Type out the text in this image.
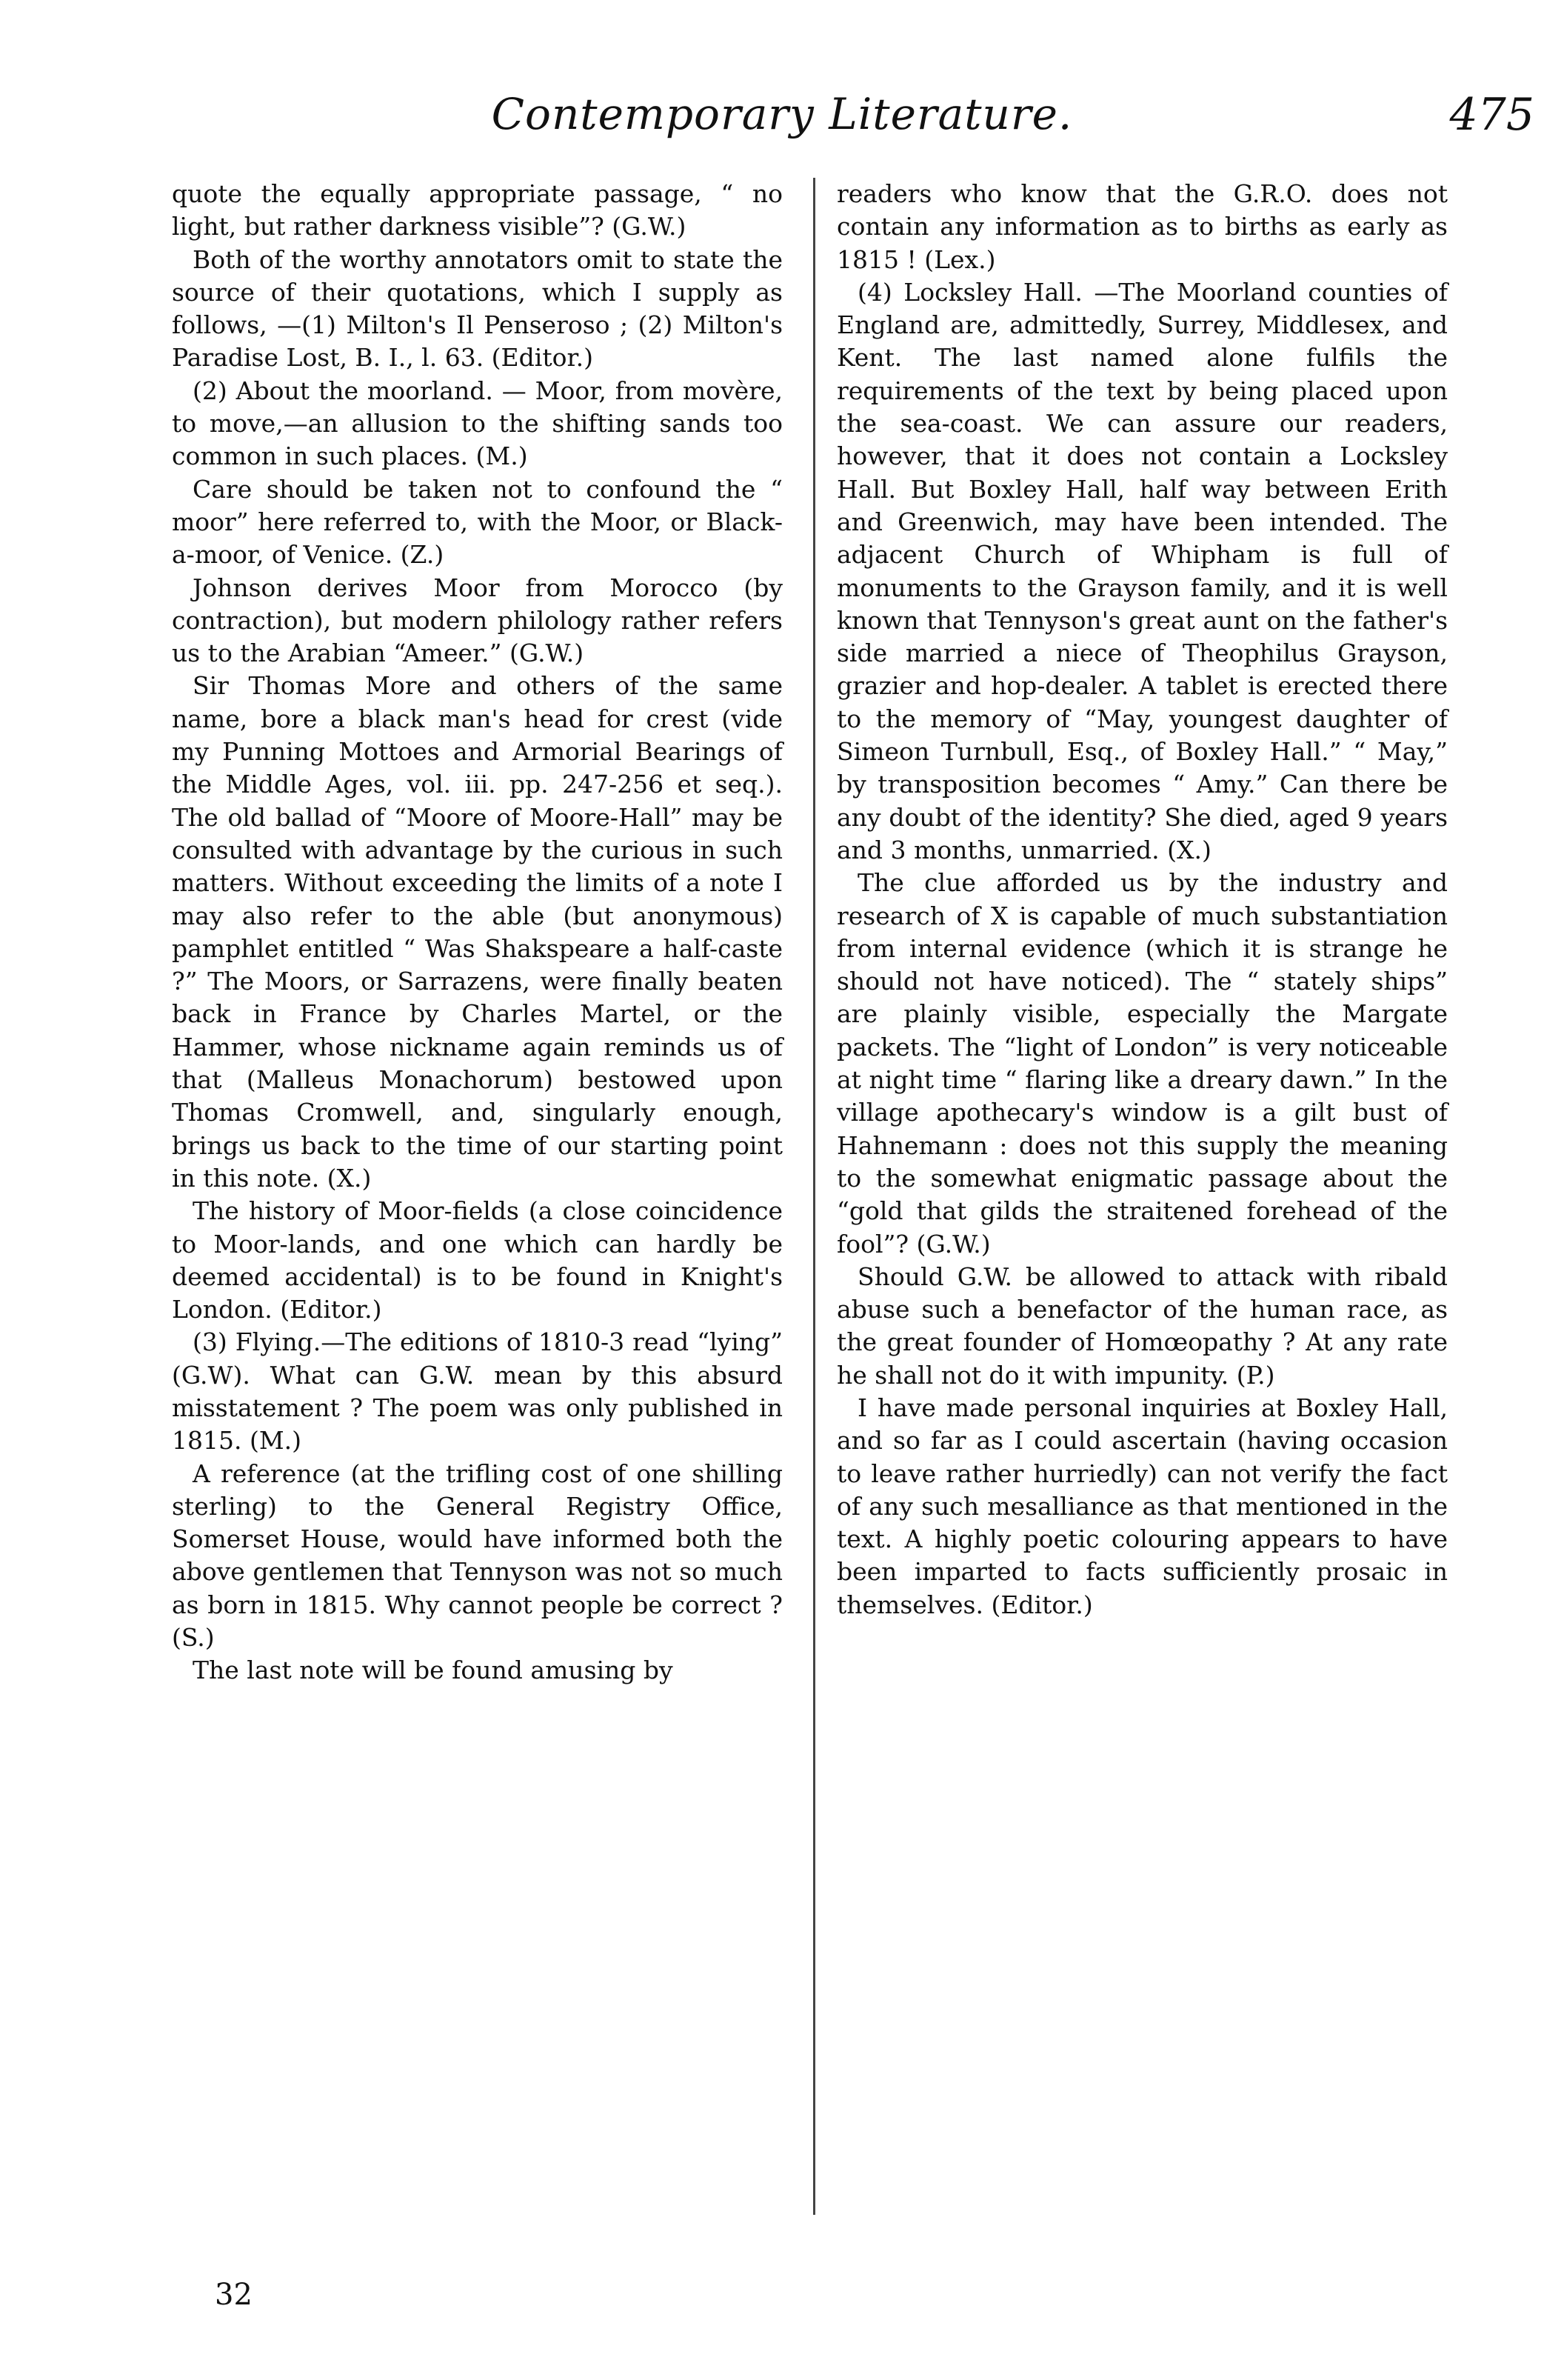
Contemporary Literature.	475

quote the equally appropriate passage, “ no light, but rather darkness visible”? (G.W.)

Both of the worthy annotators omit to state the source of their quotations, which I supply as follows, —(1) Milton's Il Penseroso ; (2) Milton's Paradise Lost, B. I., l. 63. (Editor.)

(2) About the moorland. — Moor, from movère, to move,—an allusion to the shifting sands too common in such places. (M.)

Care should be taken not to confound the “ moor” here referred to, with the Moor, or Black-a-moor, of Venice. (Z.)

Johnson derives Moor from Morocco (by contraction), but modern philology rather refers us to the Arabian “Ameer.” (G.W.)

Sir Thomas More and others of the same name, bore a black man's head for crest (vide my Punning Mottoes and Armorial Bearings of the Middle Ages, vol. iii. pp. 247-256 et seq.). The old ballad of “Moore of Moore-Hall” may be consulted with advantage by the curious in such matters. Without exceeding the limits of a note I may also refer to the able (but anonymous) pamphlet entitled “ Was Shakspeare a half-caste ?” The Moors, or Sarrazens, were finally beaten back in France by Charles Martel, or the Hammer, whose nickname again reminds us of that (Malleus Monachorum) bestowed upon Thomas Cromwell, and, singularly enough, brings us back to the time of our starting point in this note. (X.)

The history of Moor-fields (a close coincidence to Moor-lands, and one which can hardly be deemed accidental) is to be found in Knight's London. (Editor.)

(3) Flying.—The editions of 1810-3 read “lying” (G.W). What can G.W. mean by this absurd misstatement ? The poem was only published in 1815. (M.)

A reference (at the trifling cost of one shilling sterling) to the General Registry Office, Somerset House, would have informed both the above gentlemen that Tennyson was not so much as born in 1815. Why cannot people be correct ? (S.)

The last note will be found amusing by

readers who know that the G.R.O. does not contain any information as to births as early as 1815 ! (Lex.)

(4) Locksley Hall. —The Moorland counties of England are, admittedly, Surrey, Middlesex, and Kent. The last named alone fulfils the requirements of the text by being placed upon the sea-coast. We can assure our readers, however, that it does not contain a Locksley Hall. But Boxley Hall, half way between Erith and Greenwich, may have been intended. The adjacent Church of Whipham is full of monuments to the Grayson family, and it is well known that Tennyson's great aunt on the father's side married a niece of Theophilus Grayson, grazier and hop-dealer. A tablet is erected there to the memory of “May, youngest daughter of Simeon Turnbull, Esq., of Boxley Hall.” “ May,” by transposition becomes “ Amy.” Can there be any doubt of the identity? She died, aged 9 years and 3 months, unmarried. (X.)

The clue afforded us by the industry and research of X is capable of much substantiation from internal evidence (which it is strange he should not have noticed). The “ stately ships” are plainly visible, especially the Margate packets. The “light of London” is very noticeable at night time “ flaring like a dreary dawn.” In the village apothecary's window is a gilt bust of Hahnemann : does not this supply the meaning to the somewhat enigmatic passage about the “gold that gilds the straitened forehead of the fool”? (G.W.)

Should G.W. be allowed to attack with ribald abuse such a benefactor of the human race, as the great founder of Homœopathy ? At any rate he shall not do it with impunity. (P.)

I have made personal inquiries at Boxley Hall, and so far as I could ascertain (having occasion to leave rather hurriedly) can not verify the fact of any such mesalliance as that mentioned in the text. A highly poetic colouring appears to have been imparted to facts sufficiently prosaic in themselves. (Editor.)

32
